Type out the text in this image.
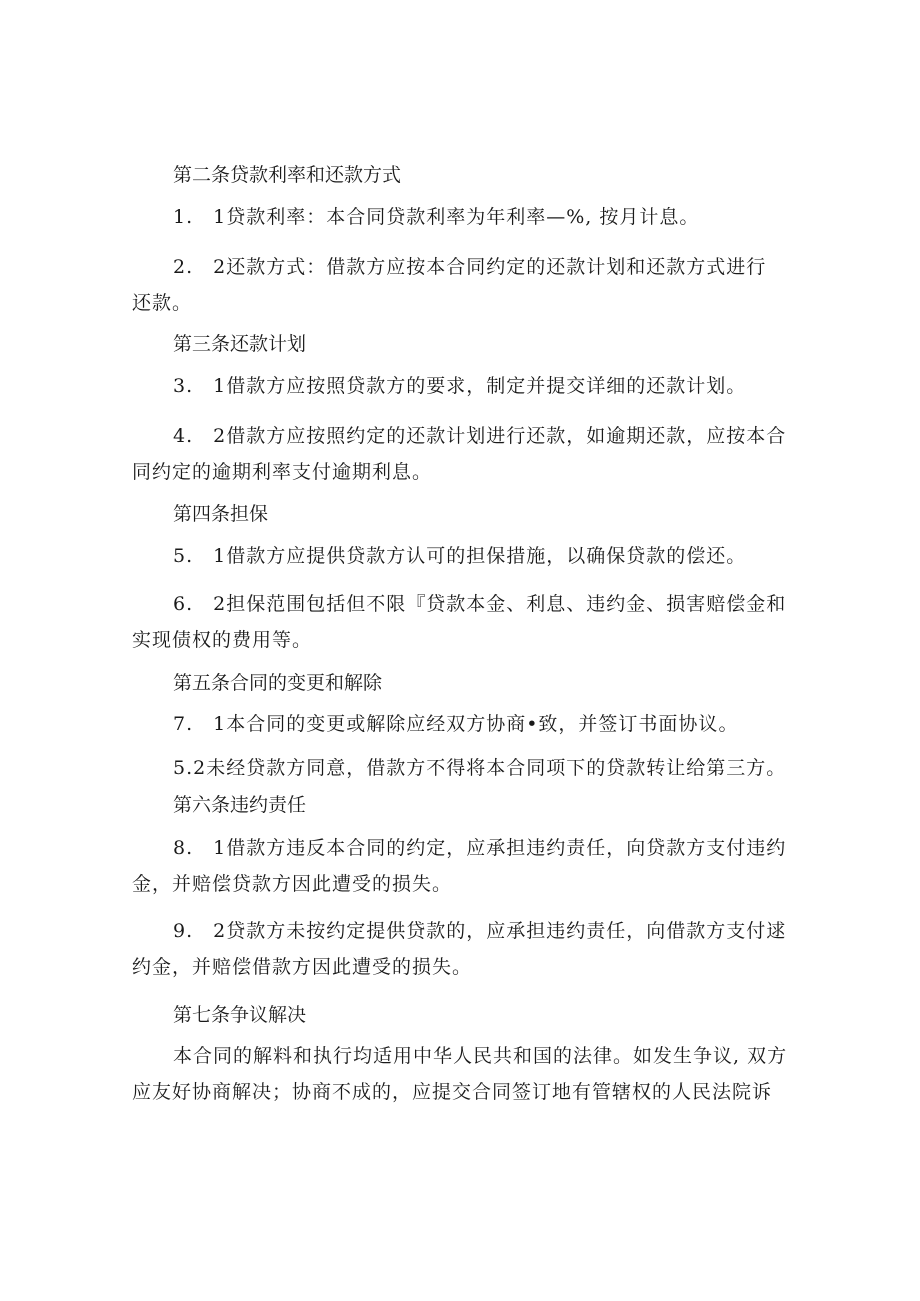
第二条贷款利率和还款方式
1. 1贷款利率：本合同贷款利率为年利率—%, 按月计息。
2. 2还款方式：借款方应按本合同约定的还款计划和还款方式进行
还款。
第三条还款计划
3. 1借款方应按照贷款方的要求，制定并提交详细的还款计划。
4. 2借款方应按照约定的还款计划进行还款，如逾期还款，应按本合
同约定的逾期利率支付逾期利息。
第四条担保
5. 1借款方应提供贷款方认可的担保措施，以确保贷款的偿还。
6. 2担保范围包括但不限『贷款本金、利息、违约金、损害赔偿金和
实现债权的费用等。
第五条合同的变更和解除
7. 1本合同的变更或解除应经双方协商•致，并签订书面协议。
5.2未经贷款方同意，借款方不得将本合同项下的贷款转让给第三方。
第六条违约责任
8. 1借款方违反本合同的约定，应承担违约责任，向贷款方支付违约
金，并赔偿贷款方因此遭受的损失。
9. 2贷款方未按约定提供贷款的，应承担违约责任，向借款方支付逑
约金，并赔偿借款方因此遭受的损失。
第七条争议解决
本合同的解料和执行均适用中华人民共和国的法律。如发生争议, 双方
应友好协商解决；协商不成的，应提交合同签订地有管辖权的人民法院诉
